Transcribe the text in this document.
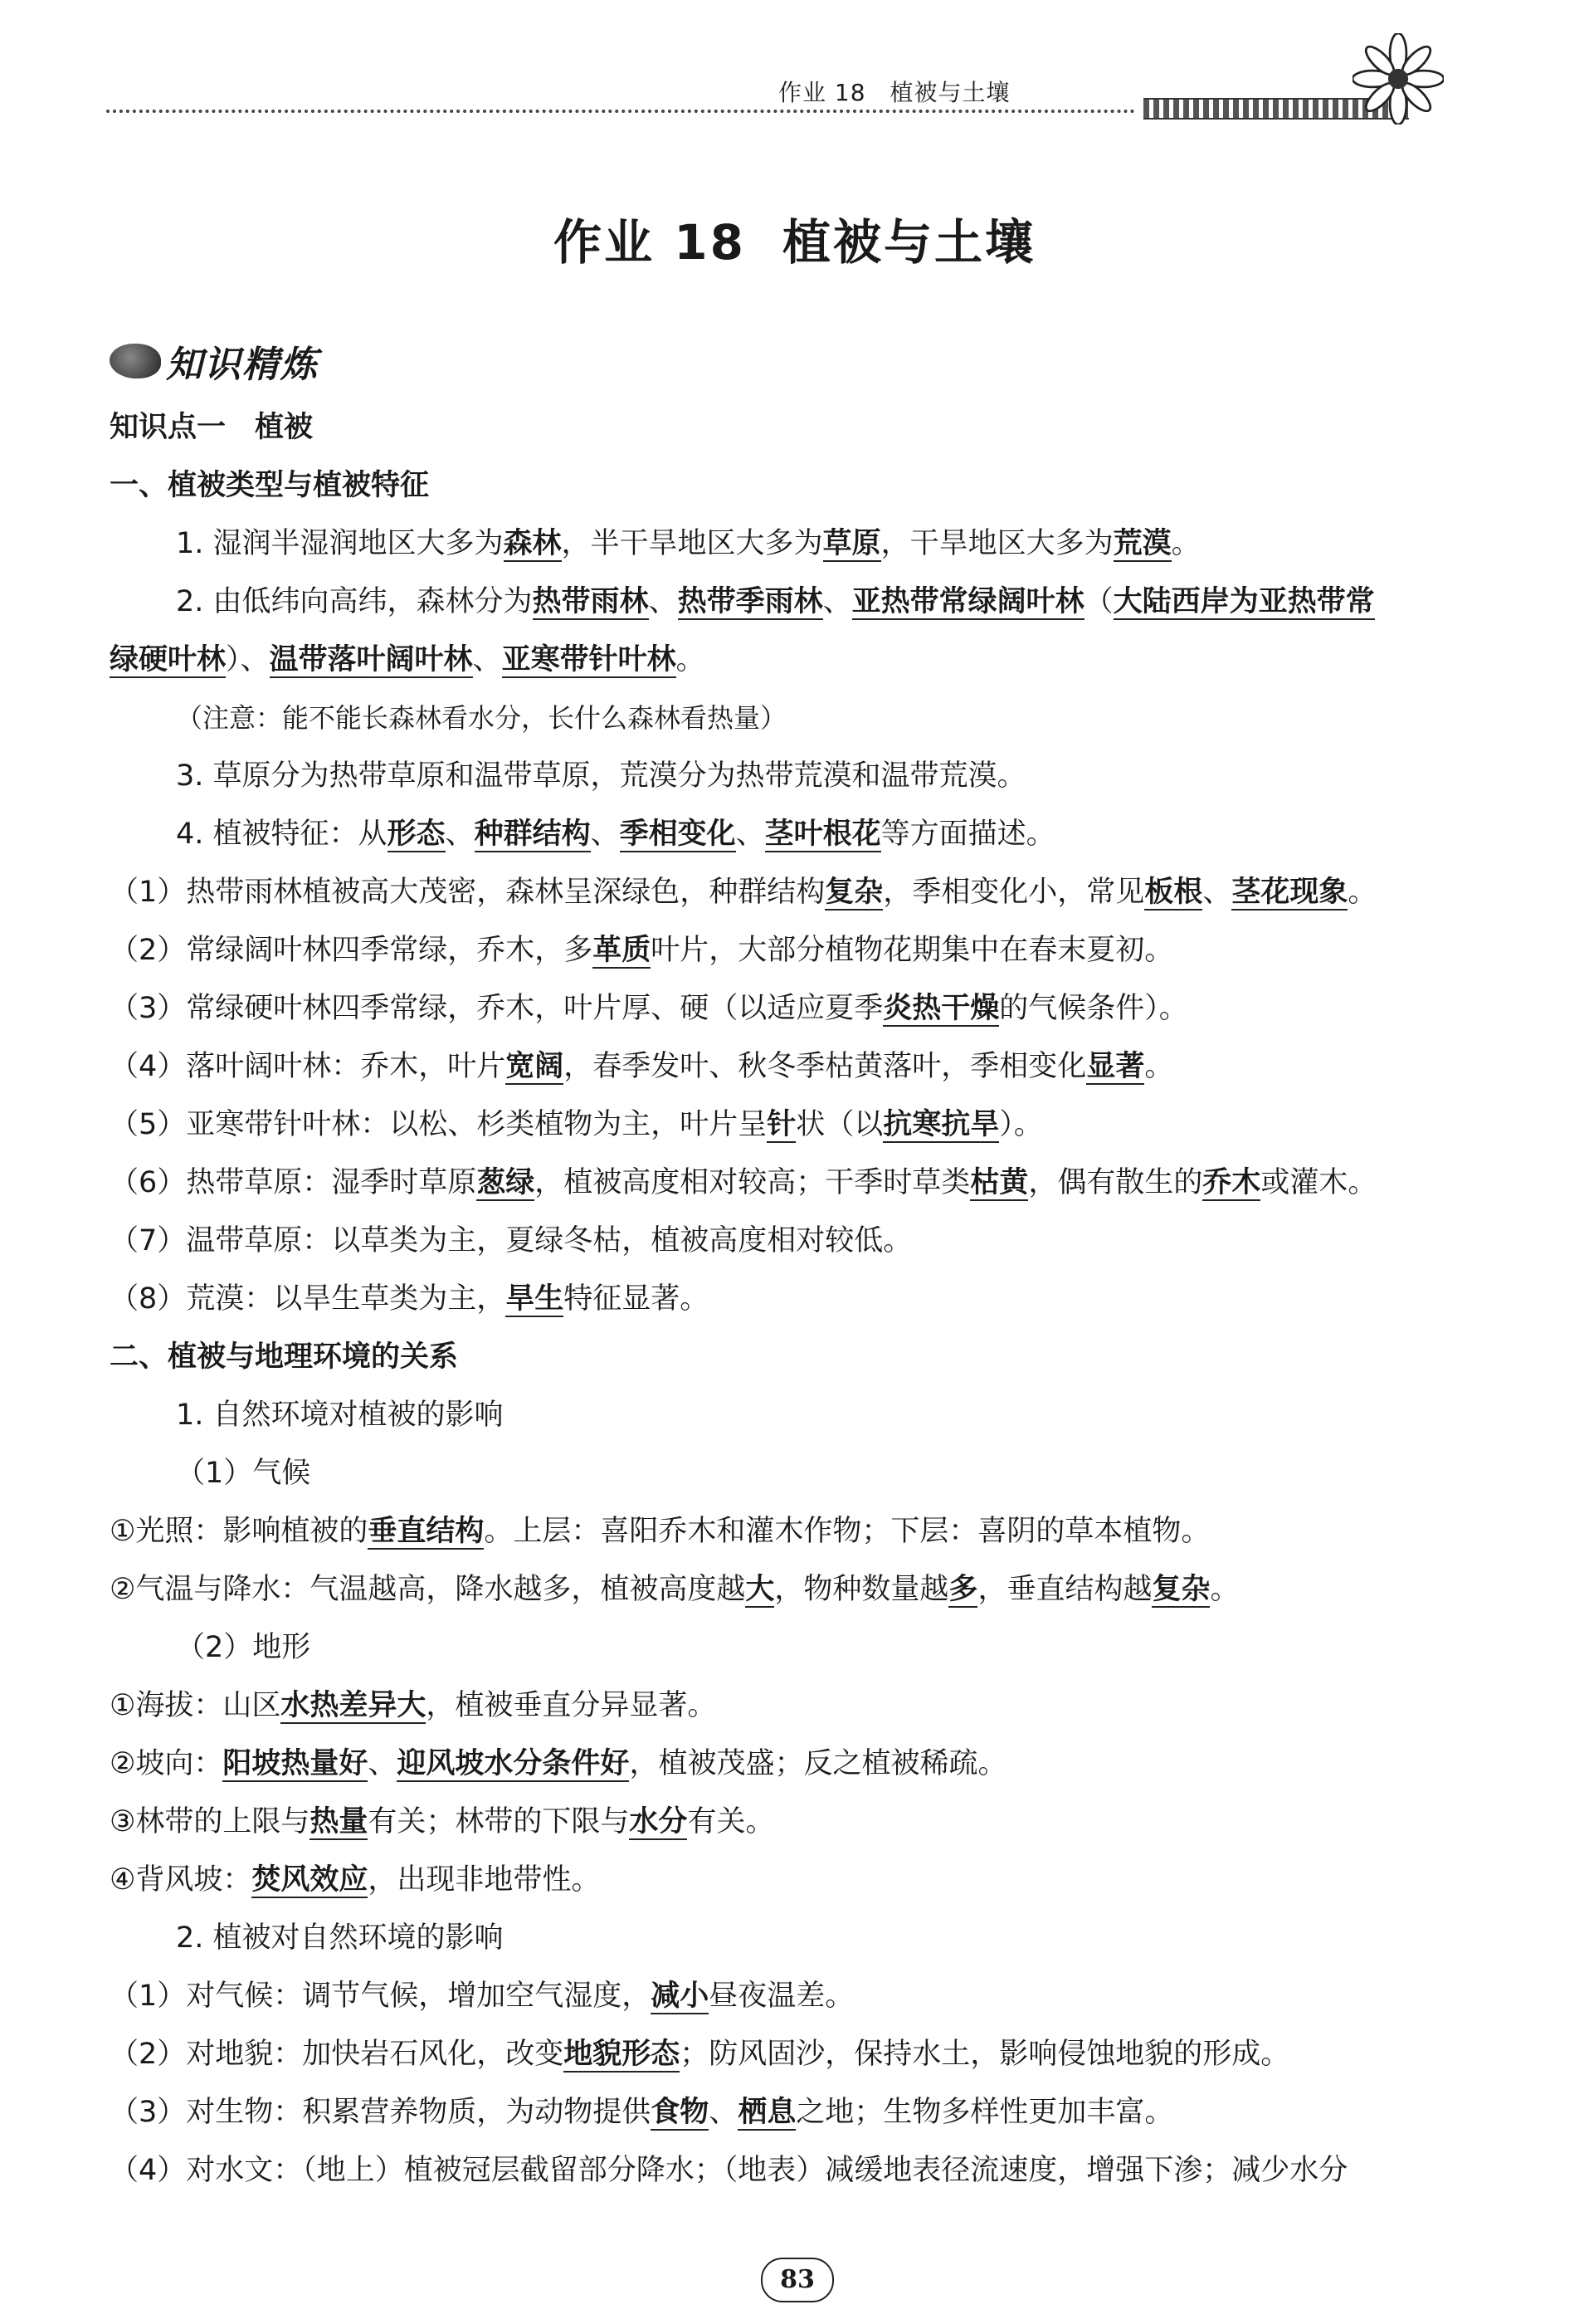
作业 18　植被与土壤
作业 18 植被与土壤
知识精炼
知识点一　植被
一、植被类型与植被特征
1. 湿润半湿润地区大多为森林，半干旱地区大多为草原，干旱地区大多为荒漠。
2. 由低纬向高纬，森林分为热带雨林、热带季雨林、亚热带常绿阔叶林（大陆西岸为亚热带常
绿硬叶林）、温带落叶阔叶林、亚寒带针叶林。
（注意：能不能长森林看水分，长什么森林看热量）
3. 草原分为热带草原和温带草原，荒漠分为热带荒漠和温带荒漠。
4. 植被特征：从形态、种群结构、季相变化、茎叶根花等方面描述。
（1）热带雨林植被高大茂密，森林呈深绿色，种群结构复杂，季相变化小，常见板根、茎花现象。
（2）常绿阔叶林四季常绿，乔木，多革质叶片，大部分植物花期集中在春末夏初。
（3）常绿硬叶林四季常绿，乔木，叶片厚、硬（以适应夏季炎热干燥的气候条件）。
（4）落叶阔叶林：乔木，叶片宽阔，春季发叶、秋冬季枯黄落叶，季相变化显著。
（5）亚寒带针叶林：以松、杉类植物为主，叶片呈针状（以抗寒抗旱）。
（6）热带草原：湿季时草原葱绿，植被高度相对较高；干季时草类枯黄，偶有散生的乔木或灌木。
（7）温带草原：以草类为主，夏绿冬枯，植被高度相对较低。
（8）荒漠：以旱生草类为主，旱生特征显著。
二、植被与地理环境的关系
1. 自然环境对植被的影响
（1）气候
①光照：影响植被的垂直结构。上层：喜阳乔木和灌木作物；下层：喜阴的草本植物。
②气温与降水：气温越高，降水越多，植被高度越大，物种数量越多，垂直结构越复杂。
（2）地形
①海拔：山区水热差异大，植被垂直分异显著。
②坡向：阳坡热量好、迎风坡水分条件好，植被茂盛；反之植被稀疏。
③林带的上限与热量有关；林带的下限与水分有关。
④背风坡：焚风效应，出现非地带性。
2. 植被对自然环境的影响
（1）对气候：调节气候，增加空气湿度，减小昼夜温差。
（2）对地貌：加快岩石风化，改变地貌形态；防风固沙，保持水土，影响侵蚀地貌的形成。
（3）对生物：积累营养物质，为动物提供食物、栖息之地；生物多样性更加丰富。
（4）对水文：（地上）植被冠层截留部分降水；（地表）减缓地表径流速度，增强下渗；减少水分
83
